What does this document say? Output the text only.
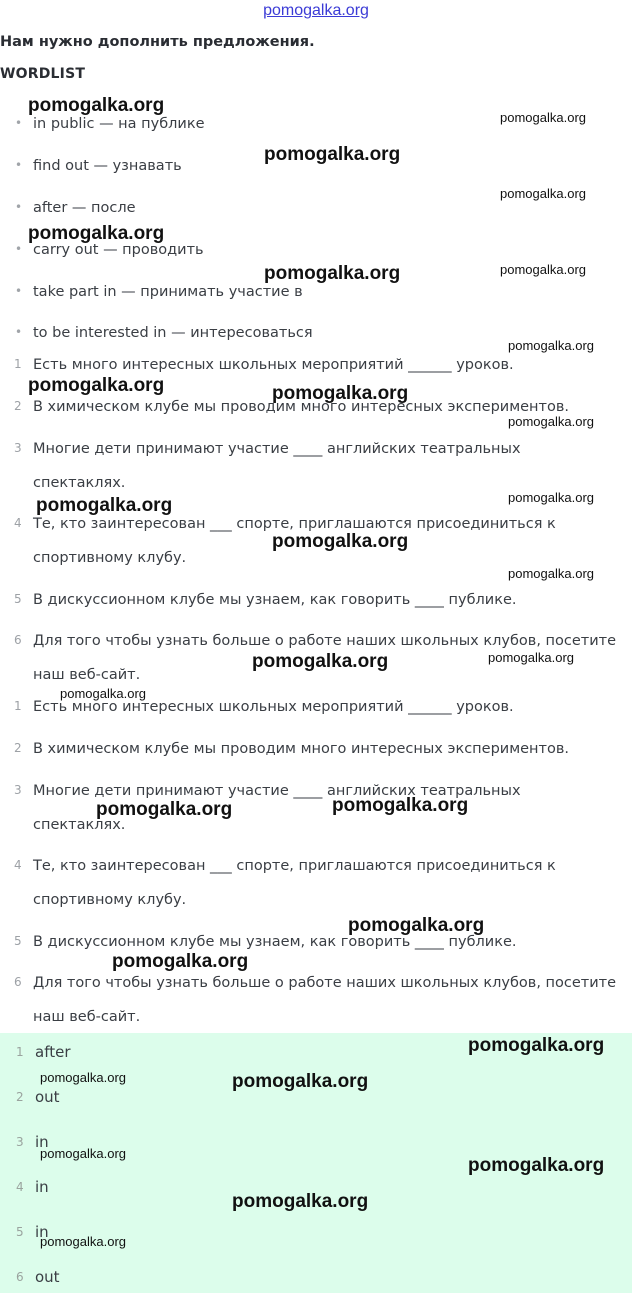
pomogalka.org
Нам нужно дополнить предложения.
WORDLIST
• in public — на публике
• find out — узнавать
• after — после
• carry out — проводить
• take part in — принимать участие в
• to be interested in — интересоваться
1 Есть много интересных школьных мероприятий ______ уроков.
2 В химическом клубе мы проводим много интересных экспериментов.
3 Многие дети принимают участие ____ английских театральных
спектаклях.
4 Те, кто заинтересован ___ спорте, приглашаются присоединиться к
спортивному клубу.
5 В дискуссионном клубе мы узнаем, как говорить ____ публике.
6 Для того чтобы узнать больше о работе наших школьных клубов, посетите
наш веб-сайт.
1 Есть много интересных школьных мероприятий ______ уроков.
2 В химическом клубе мы проводим много интересных экспериментов.
3 Многие дети принимают участие ____ английских театральных
спектаклях.
4 Те, кто заинтересован ___ спорте, приглашаются присоединиться к
спортивному клубу.
5 В дискуссионном клубе мы узнаем, как говорить ____ публике.
6 Для того чтобы узнать больше о работе наших школьных клубов, посетите
наш веб-сайт.
1 after
2 out
3 in
4 in
5 in
6 out
pomogalka.org
pomogalka.org
pomogalka.org
pomogalka.org
pomogalka.org
pomogalka.org	pomogalka.org
pomogalka.org
pomogalka.org	pomogalka.org
pomogalka.org
pomogalka.org	pomogalka.org
pomogalka.org
pomogalka.org
pomogalka.org	pomogalka.org
pomogalka.org
pomogalka.org	pomogalka.org
pomogalka.org
pomogalka.org
pomogalka.org
pomogalka.org	pomogalka.org
pomogalka.org
pomogalka.org
pomogalka.org
pomogalka.org
